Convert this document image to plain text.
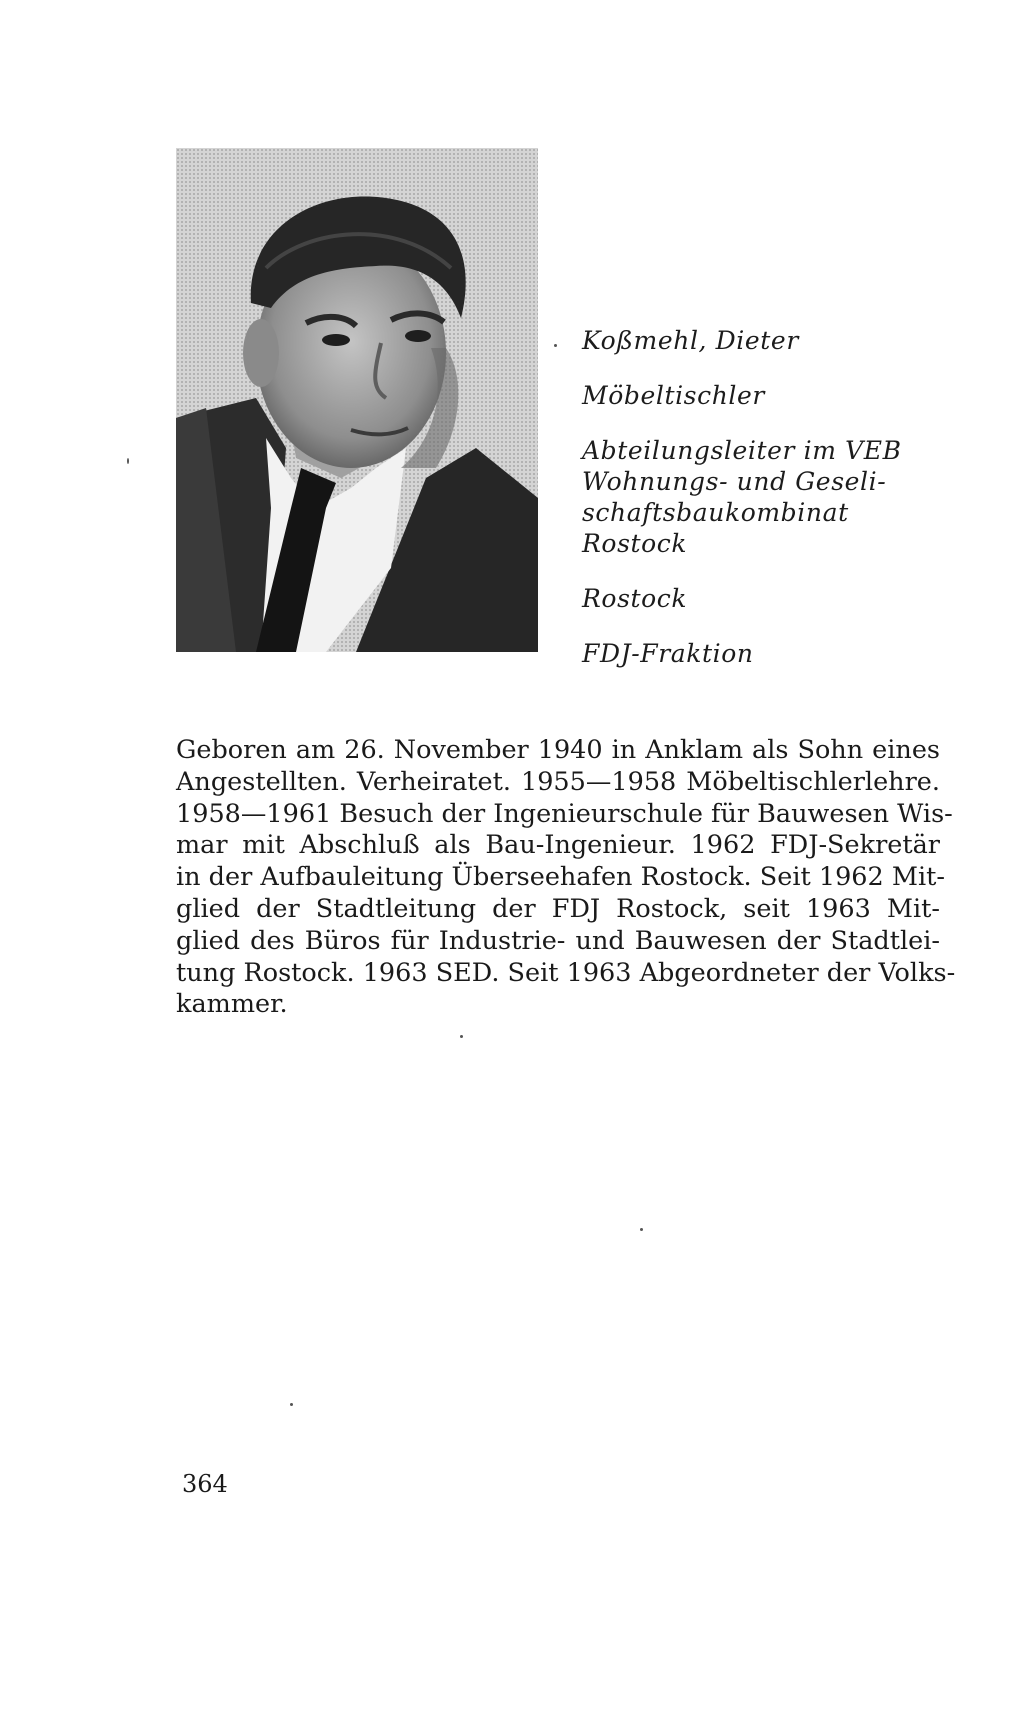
Koßmehl, Dieter
Möbeltischler
Abteilungsleiter im VEB
Wohnungs- und Geseli-
schaftsbaukombinat
Rostock
Rostock
FDJ-Fraktion
Geboren am 26. November 1940 in Anklam als Sohn eines
Angestellten. Verheiratet. 1955—1958 Möbeltischlerlehre.
1958—1961 Besuch der Ingenieurschule für Bauwesen Wis-
mar mit Abschluß als Bau-Ingenieur. 1962 FDJ-Sekretär
in der Aufbauleitung Überseehafen Rostock. Seit 1962 Mit-
glied der Stadtleitung der FDJ Rostock, seit 1963 Mit-
glied des Büros für Industrie- und Bauwesen der Stadtlei-
tung Rostock. 1963 SED. Seit 1963 Abgeordneter der Volks-
kammer.
364
